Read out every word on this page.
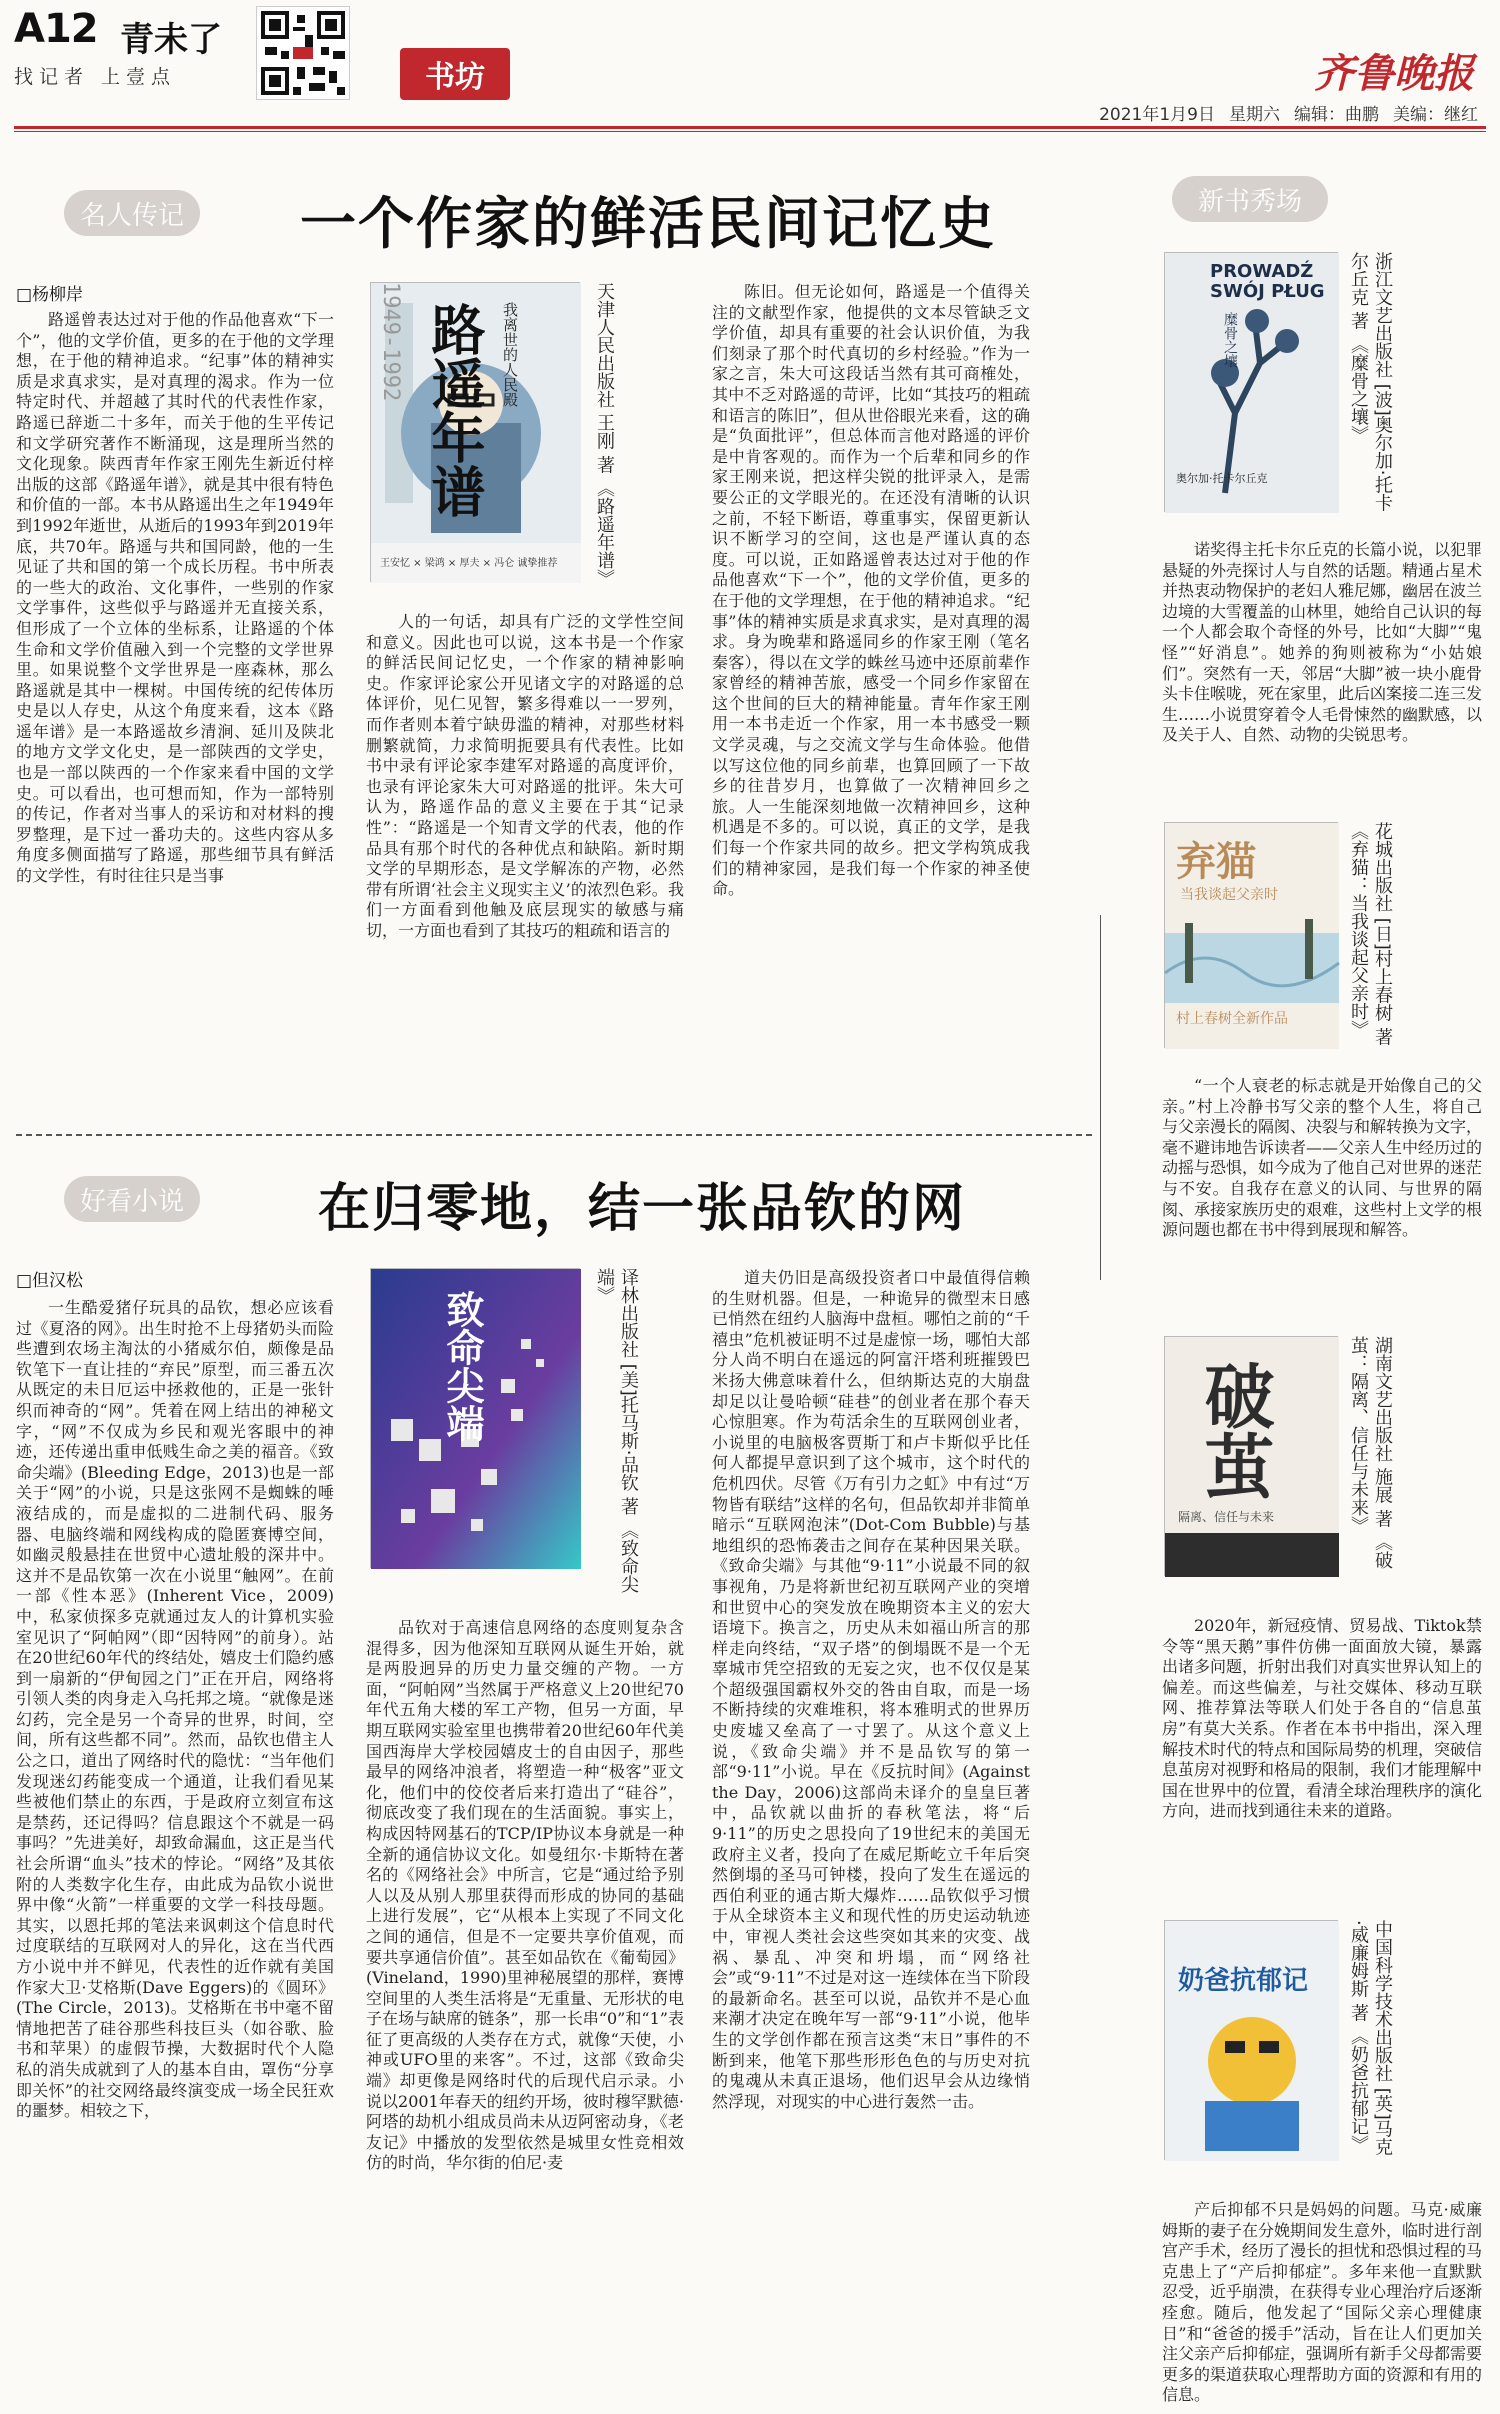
A12 青未了
找记者 上壹点	书坊	齐鲁晚报
2021年1月9日 星期六 编辑：曲鹏 美编：继红
名人传记 一个作家的鲜活民间记忆史
□杨柳岸
路遥曾表达过对于他的作品他喜欢“下一个”，他的文学价值，更多的在于他的文学理想，在于他的精神追求。“纪事”体的精神实质是求真求实，是对真理的渴求。作为一位特定时代、并超越了其时代的代表性作家，路遥已辞逝二十多年，而关于他的生平传记和文学研究著作不断涌现，这是理所当然的文化现象。陕西青年作家王刚先生新近付梓出版的这部《路遥年谱》，就是其中很有特色和价值的一部。本书从路遥出生之年1949年到1992年逝世，从逝后的1993年到2019年底，共70年。路遥与共和国同龄，他的一生见证了共和国的第一个成长历程。书中所表的一些大的政治、文化事件，一些别的作家文学事件，这些似乎与路遥并无直接关系，但形成了一个立体的坐标系，让路遥的个体生命和文学价值融入到一个完整的文学世界里。如果说整个文学世界是一座森林，那么路遥就是其中一棵树。中国传统的纪传体历史是以人存史，从这个角度来看，这本《路遥年谱》是一本路遥故乡清涧、延川及陕北的地方文学文化史，是一部陕西的文学史，也是一部以陕西的一个作家来看中国的文学史。可以看出，也可想而知，作为一部特别的传记，作者对当事人的采访和对材料的搜罗整理，是下过一番功夫的。这些内容从多角度多侧面描写了路遥，那些细节具有鲜活的文学性，有时往往只是当事
路遥年谱 我离世的人民殿
1949-1992
王安忆 × 梁鸿 × 厚夫 × 冯仑 诚挚推荐	天津人民出版社 王刚 著 《路遥年谱》
人的一句话，却具有广泛的文学性空间和意义。因此也可以说，这本书是一个作家的鲜活民间记忆史，一个作家的精神影响史。作家评论家公开见诸文字的对路遥的总体评价，见仁见智，繁多得难以一一罗列，而作者则本着宁缺毋滥的精神，对那些材料删繁就简，力求简明扼要具有代表性。比如书中录有评论家李建军对路遥的高度评价，也录有评论家朱大可对路遥的批评。朱大可认为，路遥作品的意义主要在于其“记录性”：“路遥是一个知青文学的代表，他的作品具有那个时代的各种优点和缺陷。新时期文学的早期形态，是文学解冻的产物，必然带有所谓‘社会主义现实主义’的浓烈色彩。我们一方面看到他触及底层现实的敏感与痛切，一方面也看到了其技巧的粗疏和语言的
陈旧。但无论如何，路遥是一个值得关注的文献型作家，他提供的文本尽管缺乏文学价值，却具有重要的社会认识价值，为我们刻录了那个时代真切的乡村经验。”作为一家之言，朱大可这段话当然有其可商榷处，其中不乏对路遥的苛评，比如“其技巧的粗疏和语言的陈旧”，但从世俗眼光来看，这的确是“负面批评”，但总体而言他对路遥的评价是中肯客观的。而作为一个后辈和同乡的作家王刚来说，把这样尖锐的批评录入，是需要公正的文学眼光的。在还没有清晰的认识之前，不轻下断语，尊重事实，保留更新认识不断学习的空间，这也是严谨认真的态度。可以说，正如路遥曾表达过对于他的作品他喜欢“下一个”，他的文学价值，更多的在于他的文学理想，在于他的精神追求。“纪事”体的精神实质是求真求实，是对真理的渴求。身为晚辈和路遥同乡的作家王刚（笔名秦客），得以在文学的蛛丝马迹中还原前辈作家曾经的精神苦旅，感受一个同乡作家留在这个世间的巨大的精神能量。青年作家王刚用一本书走近一个作家，用一本书感受一颗文学灵魂，与之交流文学与生命体验。他借以写这位他的同乡前辈，也算回顾了一下故乡的往昔岁月，也算做了一次精神回乡之旅。人一生能深刻地做一次精神回乡，这种机遇是不多的。可以说，真正的文学，是我们每一个作家共同的故乡。把文学构筑成我们的精神家园，是我们每一个作家的神圣使命。
好看小说	在归零地，结一张品钦的网
□但汉松
一生酷爱猪仔玩具的品钦，想必应该看过《夏洛的网》。出生时抢不上母猪奶头而险些遭到农场主淘汰的小猪威尔伯，颇像是品钦笔下一直让挂的“弃民”原型，而三番五次从既定的未日厄运中拯救他的，正是一张针织而神奇的“网”。凭着在网上结出的神秘文字，“网”不仅成为乡民和观光客眼中的神迹，还传递出重申低贱生命之美的福音。《致命尖端》(Bleeding Edge，2013)也是一部关于“网”的小说，只是这张网不是蜘蛛的唾液结成的，而是虚拟的二进制代码、服务器、电脑终端和网线构成的隐匿赛博空间，如幽灵般悬挂在世贸中心遗址般的深井中。这并不是品钦第一次在小说里“触网”。在前一部《性本恶》(Inherent Vice，2009)中，私家侦探多克就通过友人的计算机实验室见识了“阿帕网”（即“因特网”的前身）。站在20世纪60年代的终结处，嬉皮士们隐约感到一扇新的“伊甸园之门”正在开启，网络将引领人类的肉身走入乌托邦之境。“就像是迷幻药，完全是另一个奇异的世界，时间，空间，所有这些都不同”。然而，品钦也借主人公之口，道出了网络时代的隐忧：“当年他们发现迷幻药能变成一个通道，让我们看见某些被他们禁止的东西，于是政府立刻宣布这是禁药，还记得吗？信息跟这个不就是一码事吗？”先进美好，却致命漏血，这正是当代社会所谓“血头”技术的悖论。“网络”及其依附的人类数字化生存，由此成为品钦小说世界中像“火箭”一样重要的文学一科技母题。其实，以恩托邦的笔法来讽刺这个信息时代过度联结的互联网对人的异化，这在当代西方小说中并不鲜见，代表性的近作就有美国作家大卫·艾格斯(Dave Eggers)的《圆环》(The Circle，2013)。艾格斯在书中毫不留情地把苦了硅谷那些科技巨头（如谷歌、脸书和苹果）的虚假节操，大数据时代个人隐私的消失成就到了人的基本自由，罩伤“分享即关怀”的社交网络最终演变成一场全民狂欢的噩梦。相较之下，
致命尖端	译林出版社 [美]托马斯·品钦 著 《致命尖端》
品钦对于高速信息网络的态度则复杂含混得多，因为他深知互联网从诞生开始，就是两股迥异的历史力量交缠的产物。一方面，“阿帕网”当然属于严格意义上20世纪70年代五角大楼的军工产物，但另一方面，早期互联网实验室里也携带着20世纪60年代美国西海岸大学校园嬉皮士的自由因子，那些最早的网络冲浪者，将塑造一种“极客”亚文化，他们中的佼佼者后来打造出了“硅谷”，彻底改变了我们现在的生活面貌。事实上，构成因特网基石的TCP/IP协议本身就是一种全新的通信协议文化。如曼纽尔·卡斯特在著名的《网络社会》中所言，它是“通过给予别人以及从别人那里获得而形成的协同的基础上进行发展”，它“从根本上实现了不同文化之间的通信，但是不一定要共享价值观，而要共享通信价值”。甚至如品钦在《葡萄园》(Vineland，1990)里神秘展望的那样，赛博空间里的人类生活将是“无重量、无形状的电子在场与缺席的链条”，那一长串“0”和“1”表征了更高级的人类存在方式，就像“天使，小神或UFO里的来客”。不过，这部《致命尖端》却更像是网络时代的后现代启示录。小说以2001年春天的纽约开场，彼时穆罕默德·阿塔的劫机小组成员尚未从迈阿密动身，《老友记》中播放的发型依然是城里女性竞相效仿的时尚，华尔街的伯尼·麦
道夫仍旧是高级投资者口中最值得信赖的生财机器。但是，一种诡异的微型末日感已悄然在纽约人脑海中盘桓。哪怕之前的“千禧虫”危机被证明不过是虚惊一场，哪怕大部分人尚不明白在遥远的阿富汗塔利班摧毁巴米扬大佛意味着什么，但纳斯达克的大崩盘却足以让曼哈顿“硅巷”的创业者在那个春天心惊胆寒。作为苟活余生的互联网创业者，小说里的电脑极客贾斯丁和卢卡斯似乎比任何人都提早意识到了这个城市，这个时代的危机四伏。尽管《万有引力之虹》中有过“万物皆有联结”这样的名句，但品钦却并非简单暗示“互联网泡沫”(Dot-Com Bubble)与基地组织的恐怖袭击之间存在某种因果关联。《致命尖端》与其他“9·11”小说最不同的叙事视角，乃是将新世纪初互联网产业的突增和世贸中心的突发放在晚期资本主义的宏大语境下。换言之，历史从未如福山所言的那样走向终结，“双子塔”的倒塌既不是一个无辜城市凭空招致的无妄之灾，也不仅仅是某个超级强国霸权外交的咎由自取，而是一场不断持续的灾难堆积，将本雅明式的世界历史废墟又垒高了一寸罢了。从这个意义上说，《致命尖端》并不是品钦写的第一部“9·11”小说。早在《反抗时间》(Against the Day，2006)这部尚未译介的皇皇巨著中，品钦就以曲折的春秋笔法，将“后9·11”的历史之思投向了19世纪末的美国无政府主义者，投向了在威尼斯屹立千年后突然倒塌的圣马可钟楼，投向了发生在遥远的西伯利亚的通古斯大爆炸……品钦似乎习惯于从全球资本主义和现代性的历史运动轨迹中，审视人类社会这些突如其来的灾变、战祸、暴乱、冲突和坍塌，而“网络社会”或“9·11”不过是对这一连续体在当下阶段的最新命名。甚至可以说，品钦并不是心血来潮才决定在晚年写一部“9·11”小说，他毕生的文学创作都在预言这类“末日”事件的不断到来，他笔下那些形形色色的与历史对抗的鬼魂从未真正退场，他们迟早会从边缘悄然浮现，对现实的中心进行轰然一击。
新书秀场
PROWADŹ SWÓJ PŁUG
糜骨之壤
奥尔加·托卡尔丘克	浙江文艺出版社 [波]奥尔加·托卡尔丘克 著 《糜骨之壤》
诺奖得主托卡尔丘克的长篇小说，以犯罪悬疑的外壳探讨人与自然的话题。精通占星术并热衷动物保护的老妇人雅尼娜，幽居在波兰边境的大雪覆盖的山林里，她给自己认识的每一个人都会取个奇怪的外号，比如“大脚”“鬼怪”“好消息”。她养的狗则被称为“小姑娘们”。突然有一天，邻居“大脚”被一块小鹿骨头卡住喉咙，死在家里，此后凶案接二连三发生……小说贯穿着令人毛骨悚然的幽默感，以及关于人、自然、动物的尖锐思考。
弃猫
当我谈起父亲时
村上春树全新作品	花城出版社 [日]村上春树 著 《弃猫：当我谈起父亲时》
“一个人衰老的标志就是开始像自己的父亲。”村上冷静书写父亲的整个人生，将自己与父亲漫长的隔阂、决裂与和解转换为文字，毫不避讳地告诉读者——父亲人生中经历过的动摇与恐惧，如今成为了他自己对世界的迷茫与不安。自我存在意义的认同、与世界的隔阂、承接家族历史的艰难，这些村上文学的根源问题也都在书中得到展现和解答。
破茧
隔离、信任与未来	湖南文艺出版社 施展 著 《破茧：隔离、信任与未来》
2020年，新冠疫情、贸易战、Tiktok禁令等“黑天鹅”事件仿佛一面面放大镜，暴露出诸多问题，折射出我们对真实世界认知上的偏差。而这些偏差，与社交媒体、移动互联网、推荐算法等联人们处于各自的“信息茧房”有莫大关系。作者在本书中指出，深入理解技术时代的特点和国际局势的机理，突破信息茧房对视野和格局的限制，我们才能理解中国在世界中的位置，看清全球治理秩序的演化方向，进而找到通往未来的道路。
奶爸抗郁记	中国科学技术出版社 [英]马克·威廉姆斯 著 《奶爸抗郁记》
产后抑郁不只是妈妈的问题。马克·威廉姆斯的妻子在分娩期间发生意外，临时进行剖宫产手术，经历了漫长的担忧和恐惧过程的马克患上了“产后抑郁症”。多年来他一直默默忍受，近乎崩溃，在获得专业心理治疗后逐渐痊愈。随后，他发起了“国际父亲心理健康日”和“爸爸的援手”活动，旨在让人们更加关注父亲产后抑郁症，强调所有新手父母都需要更多的渠道获取心理帮助方面的资源和有用的信息。
